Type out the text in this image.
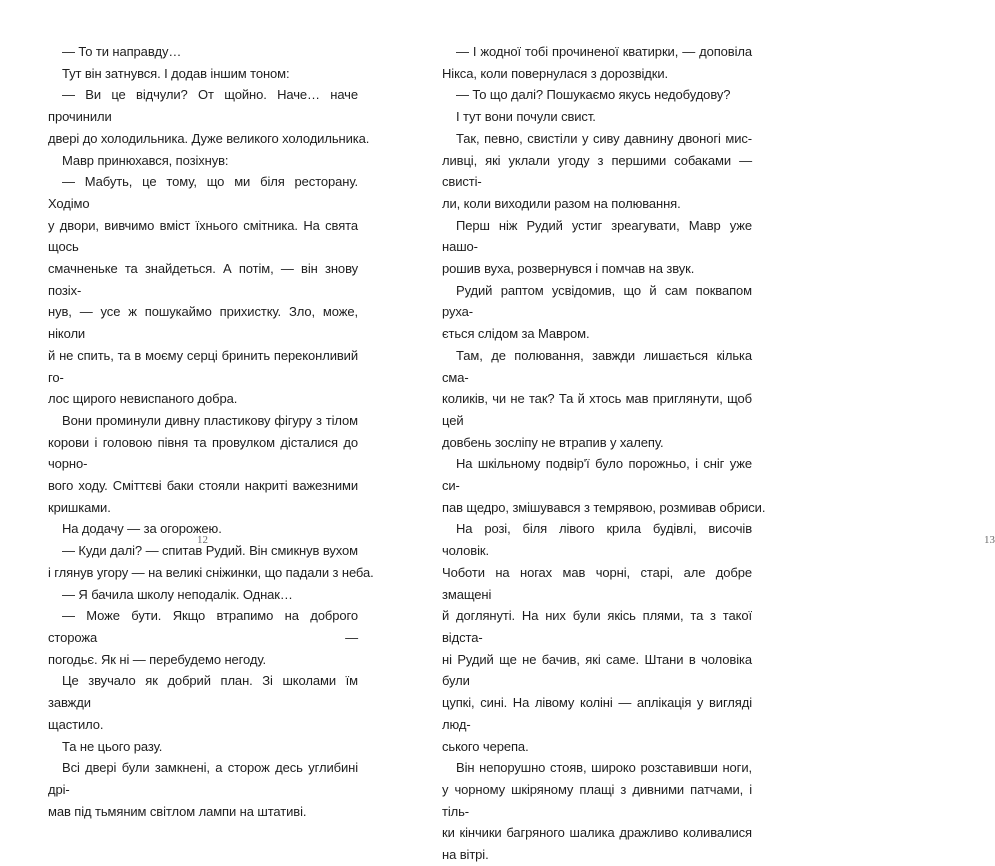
— То ти направду…
Тут він затнувся. І додав іншим тоном:
— Ви це відчули? От щойно. Наче… наче прочинили
двері до холодильника. Дуже великого холодильника.
Мавр принюхався, позіхнув:
— Мабуть, це тому, що ми біля ресторану. Ходімо
у двори, вивчимо вміст їхнього смітника. На свята щось
смачненьке та знайдеться. А потім, — він знову позіх-
нув, — усе ж пошукаймо прихистку. Зло, може, ніколи
й не спить, та в моєму серці бринить переконливий го-
лос щирого невиспаного добра.
Вони проминули дивну пластикову фігуру з тілом
корови і головою півня та провулком дісталися до чорно-
вого ходу. Сміттєві баки стояли накриті важезними
кришками.
На додачу — за огорожею.
— Куди далі? — спитав Рудий. Він смикнув вухом
і глянув угору — на великі сніжинки, що падали з неба.
— Я бачила школу неподалік. Однак…
— Може бути. Якщо втрапимо на доброго сторожа —
погодьє. Як ні — перебудемо негоду.
Це звучало як добрий план. Зі школами їм завжди
щастило.
Та не цього разу.
Всі двері були замкнені, а сторож десь углибині дрі-
мав під тьмяним світлом лампи на штативі.
12	13
— І жодної тобі прочиненої кватирки, — доповіла
Нікса, коли повернулася з дорозвідки.
— То що далі? Пошукаємо якусь недобудову?
І тут вони почули свист.
Так, певно, свистіли у сиву давнину двоногі мис-
ливці, які уклали угоду з першими собаками — свисті-
ли, коли виходили разом на полювання.
Перш ніж Рудий устиг зреагувати, Мавр уже нашо-
рошив вуха, розвернувся і помчав на звук.
Рудий раптом усвідомив, що й сам поквапом руха-
ється слідом за Мавром.
Там, де полювання, завжди лишається кілька сма-
коликів, чи не так? Та й хтось мав приглянути, щоб цей
довбень зосліпу не втрапив у халепу.
На шкільному подвір'ї було порожньо, і сніг уже си-
пав щедро, змішувався з темрявою, розмивав обриси.
На розі, біля лівого крила будівлі, височів чоловік.
Чоботи на ногах мав чорні, старі, але добре змащені
й доглянуті. На них були якісь плями, та з такої відста-
ні Рудий ще не бачив, які саме. Штани в чоловіка були
цупкі, сині. На лівому коліні — аплікація у вигляді люд-
ського черепа.
Він непорушно стояв, широко розставивши ноги,
у чорному шкіряному плащі з дивними патчами, і тіль-
ки кінчики багряного шалика дражливо коливалися
на вітрі.
